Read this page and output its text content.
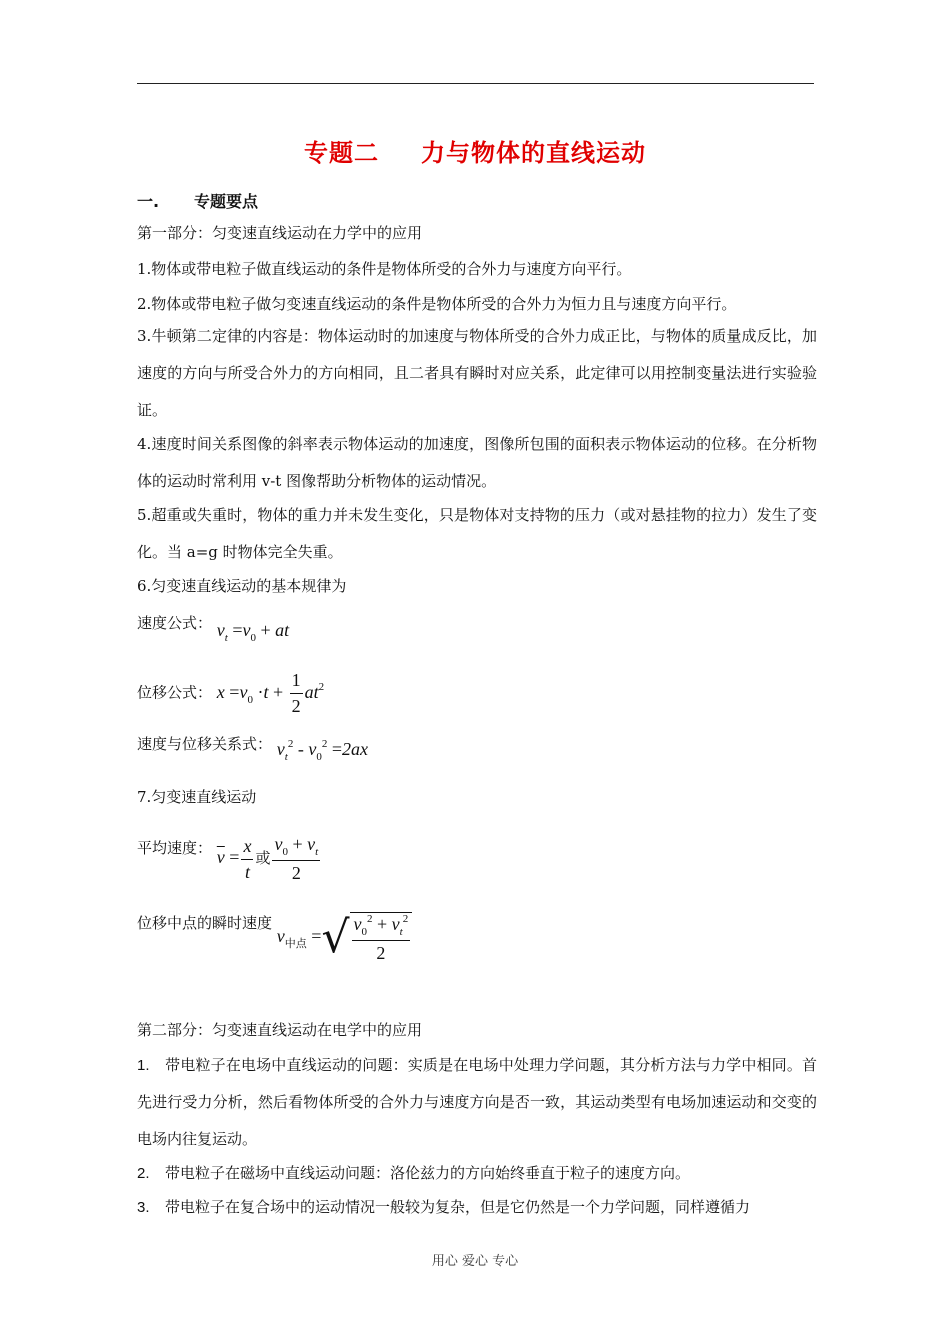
专题二 力与物体的直线运动
一. 专题要点

第一部分：匀变速直线运动在力学中的应用

1.物体或带电粒子做直线运动的条件是物体所受的合外力与速度方向平行。

2.物体或带电粒子做匀变速直线运动的条件是物体所受的合外力为恒力且与速度方向平行。

3.牛顿第二定律的内容是：物体运动时的加速度与物体所受的合外力成正比，与物体的质量成反比，加速度的方向与所受合外力的方向相同，且二者具有瞬时对应关系，此定律可以用控制变量法进行实验验证。

4.速度时间关系图像的斜率表示物体运动的加速度，图像所包围的面积表示物体运动的位移。在分析物体的运动时常利用 v-t 图像帮助分析物体的运动情况。

5.超重或失重时，物体的重力并未发生变化，只是物体对支持物的压力（或对悬挂物的拉力）发生了变化。当 a=g 时物体完全失重。

6.匀变速直线运动的基本规律为

速度公式： $v_t =v_0$ + at
位移公式： $x =v_0 \cdot t + \frac{1}{2} at^2$
速度与位移关系式： $v_t^2 - v_0^2 =2ax$
7.匀变速直线运动
平均速度： $\overline{v} = \frac{x}{t}$ 或 $\frac{v_0 + v_t}{2}$
位移中点的瞬时速度 $v_{中点}$ =√ $\frac{v_0^2 + v_t^2}{2}$

第二部分：匀变速直线运动在电学中的应用

1. 带电粒子在电场中直线运动的问题：实质是在电场中处理力学问题，其分析方法与力学中相同。首先进行受力分析，然后看物体所受的合外力与速度方向是否一致，其运动类型有电场加速运动和交变的电场内往复运动。

2. 带电粒子在磁场中直线运动问题：洛伦兹力的方向始终垂直于粒子的速度方向。

3. 带电粒子在复合场中的运动情况一般较为复杂，但是它仍然是一个力学问题，同样遵循力

用心 爱心 专心
